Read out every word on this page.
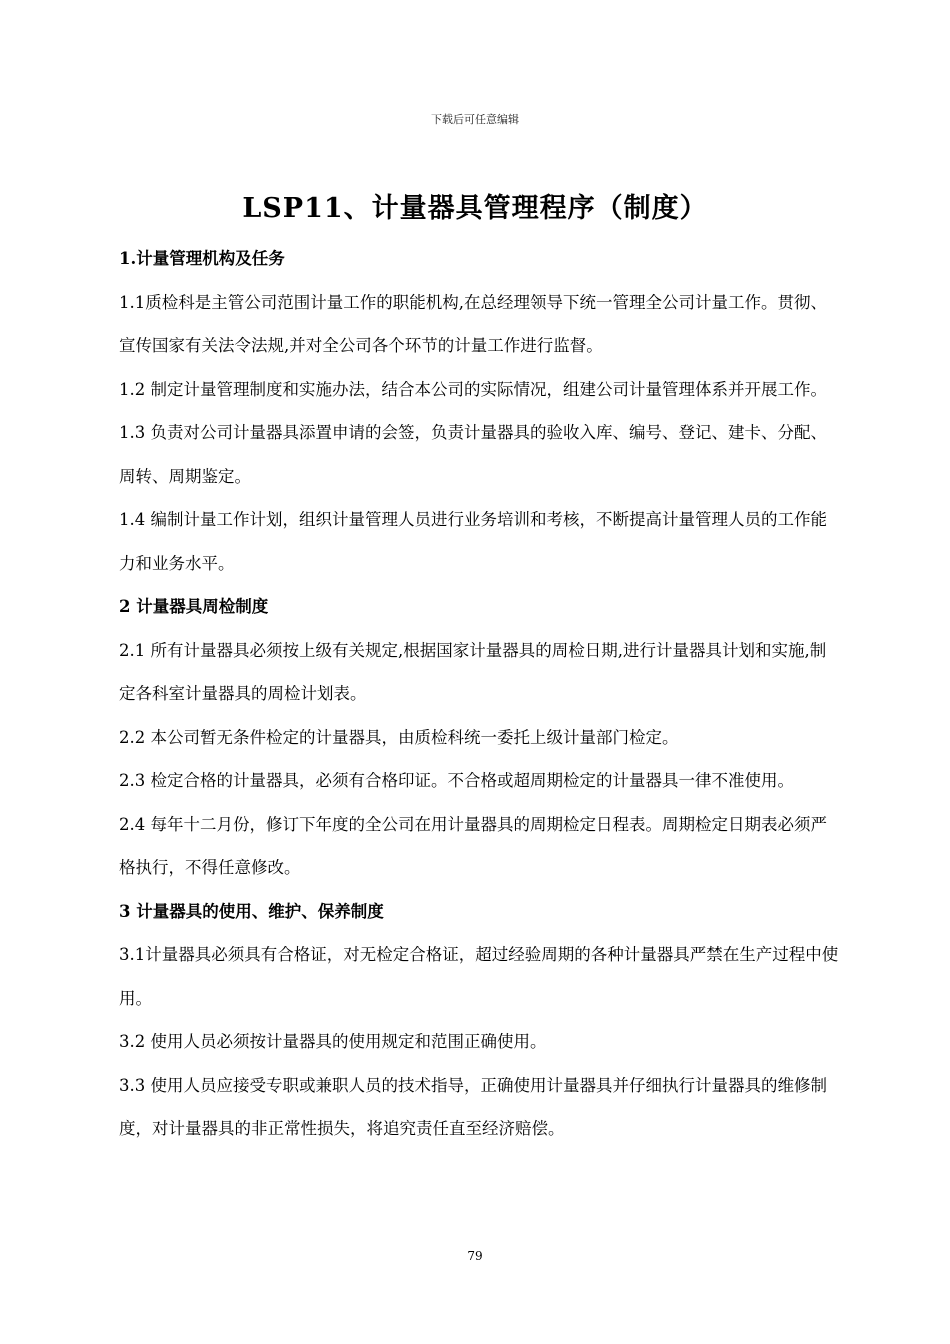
下载后可任意编辑
LSP11、计量器具管理程序（制度）

1.计量管理机构及任务

1.1质检科是主管公司范围计量工作的职能机构,在总经理领导下统一管理全公司计量工作。贯彻、宣传国家有关法令法规,并对全公司各个环节的计量工作进行监督。

1.2 制定计量管理制度和实施办法，结合本公司的实际情况，组建公司计量管理体系并开展工作。

1.3 负责对公司计量器具添置申请的会签，负责计量器具的验收入库、编号、登记、建卡、分配、周转、周期鉴定。

1.4 编制计量工作计划，组织计量管理人员进行业务培训和考核，不断提高计量管理人员的工作能力和业务水平。

2 计量器具周检制度

2.1 所有计量器具必须按上级有关规定,根据国家计量器具的周检日期,进行计量器具计划和实施,制定各科室计量器具的周检计划表。

2.2 本公司暂无条件检定的计量器具，由质检科统一委托上级计量部门检定。

2.3 检定合格的计量器具，必须有合格印证。不合格或超周期检定的计量器具一律不准使用。

2.4 每年十二月份，修订下年度的全公司在用计量器具的周期检定日程表。周期检定日期表必须严格执行，不得任意修改。

3 计量器具的使用、维护、保养制度

3.1计量器具必须具有合格证，对无检定合格证，超过经验周期的各种计量器具严禁在生产过程中使用。

3.2 使用人员必须按计量器具的使用规定和范围正确使用。

3.3 使用人员应接受专职或兼职人员的技术指导，正确使用计量器具并仔细执行计量器具的维修制度，对计量器具的非正常性损失，将追究责任直至经济赔偿。

79
